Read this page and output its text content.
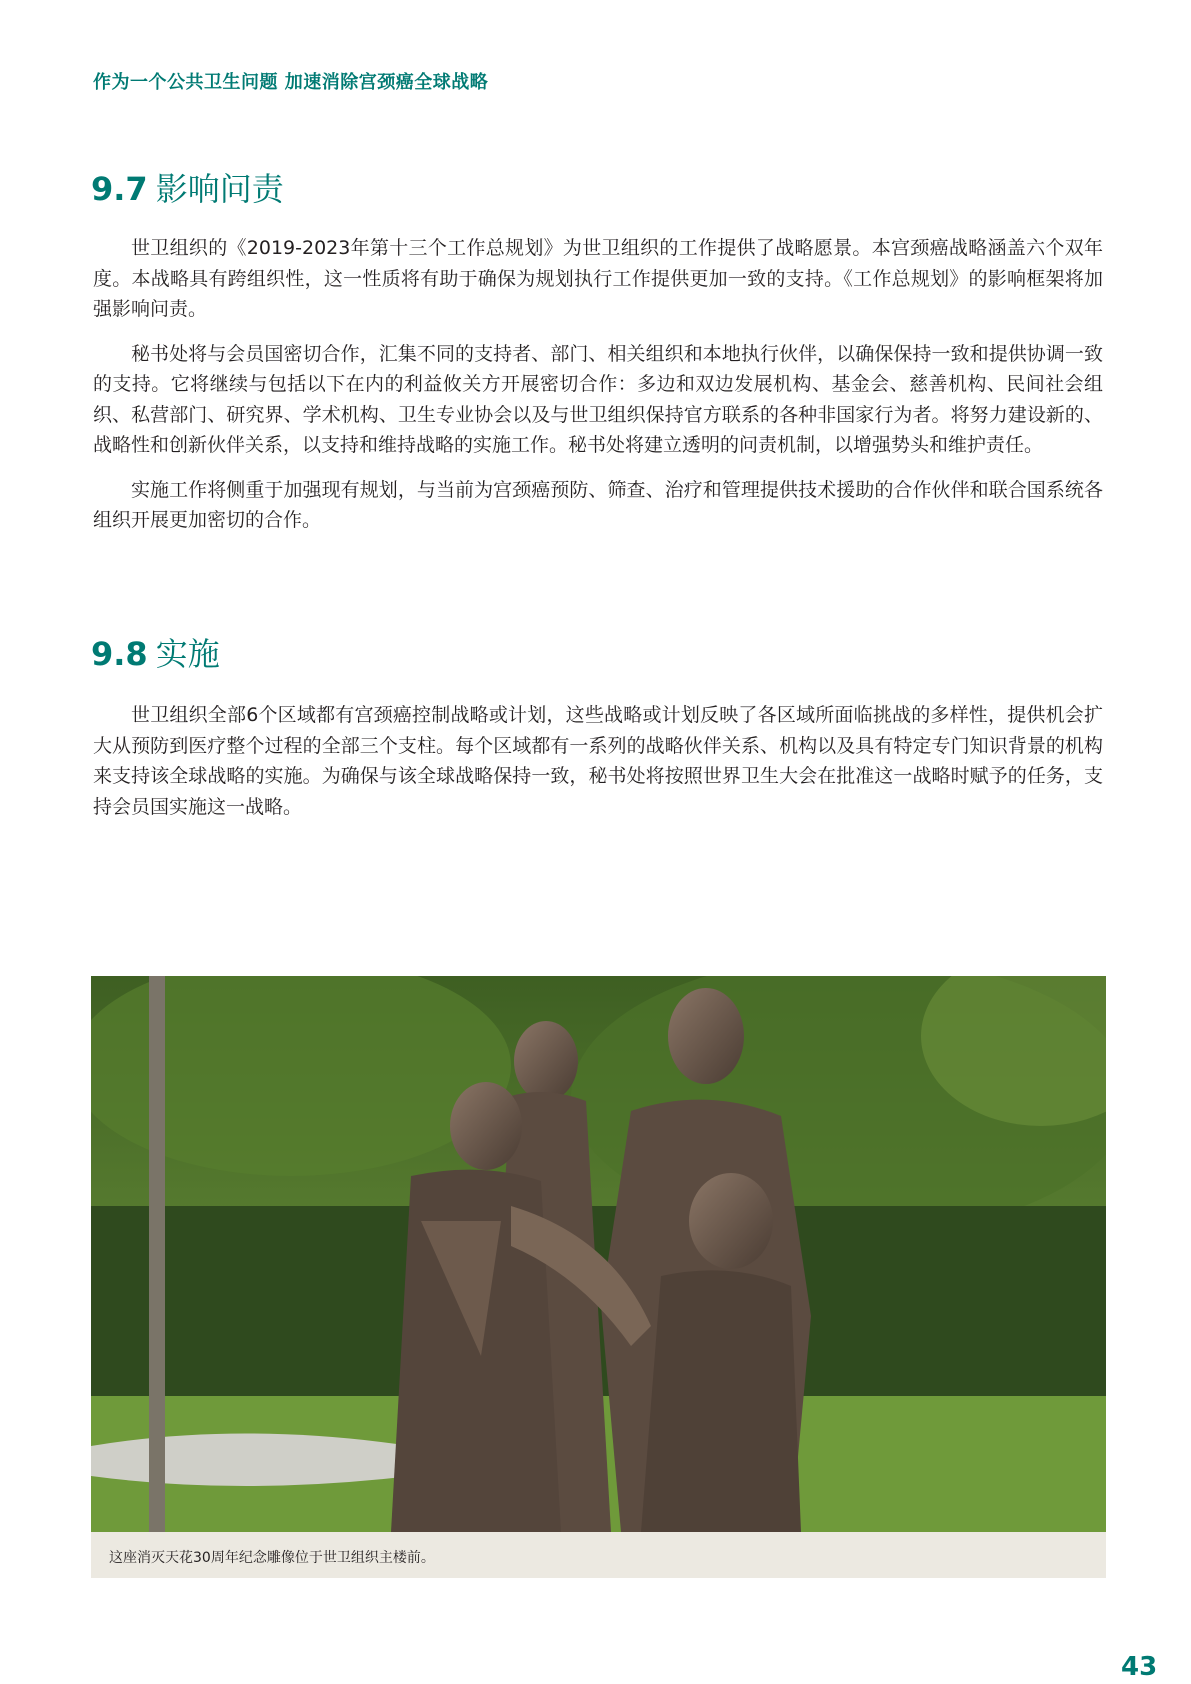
作为一个公共卫生问题 加速消除宫颈癌全球战略
9.7 影响问责

世卫组织的《2019-2023年第十三个工作总规划》为世卫组织的工作提供了战略愿景。本宫颈癌战略涵盖六个双年度。本战略具有跨组织性，这一性质将有助于确保为规划执行工作提供更加一致的支持。《工作总规划》的影响框架将加强影响问责。

秘书处将与会员国密切合作，汇集不同的支持者、部门、相关组织和本地执行伙伴，以确保保持一致和提供协调一致的支持。它将继续与包括以下在内的利益攸关方开展密切合作：多边和双边发展机构、基金会、慈善机构、民间社会组织、私营部门、研究界、学术机构、卫生专业协会以及与世卫组织保持官方联系的各种非国家行为者。将努力建设新的、战略性和创新伙伴关系，以支持和维持战略的实施工作。秘书处将建立透明的问责机制，以增强势头和维护责任。

实施工作将侧重于加强现有规划，与当前为宫颈癌预防、筛查、治疗和管理提供技术援助的合作伙伴和联合国系统各组织开展更加密切的合作。

9.8 实施

世卫组织全部6个区域都有宫颈癌控制战略或计划，这些战略或计划反映了各区域所面临挑战的多样性，提供机会扩大从预防到医疗整个过程的全部三个支柱。每个区域都有一系列的战略伙伴关系、机构以及具有特定专门知识背景的机构来支持该全球战略的实施。为确保与该全球战略保持一致，秘书处将按照世界卫生大会在批准这一战略时赋予的任务，支持会员国实施这一战略。

这座消灭天花30周年纪念雕像位于世卫组织主楼前。
43
